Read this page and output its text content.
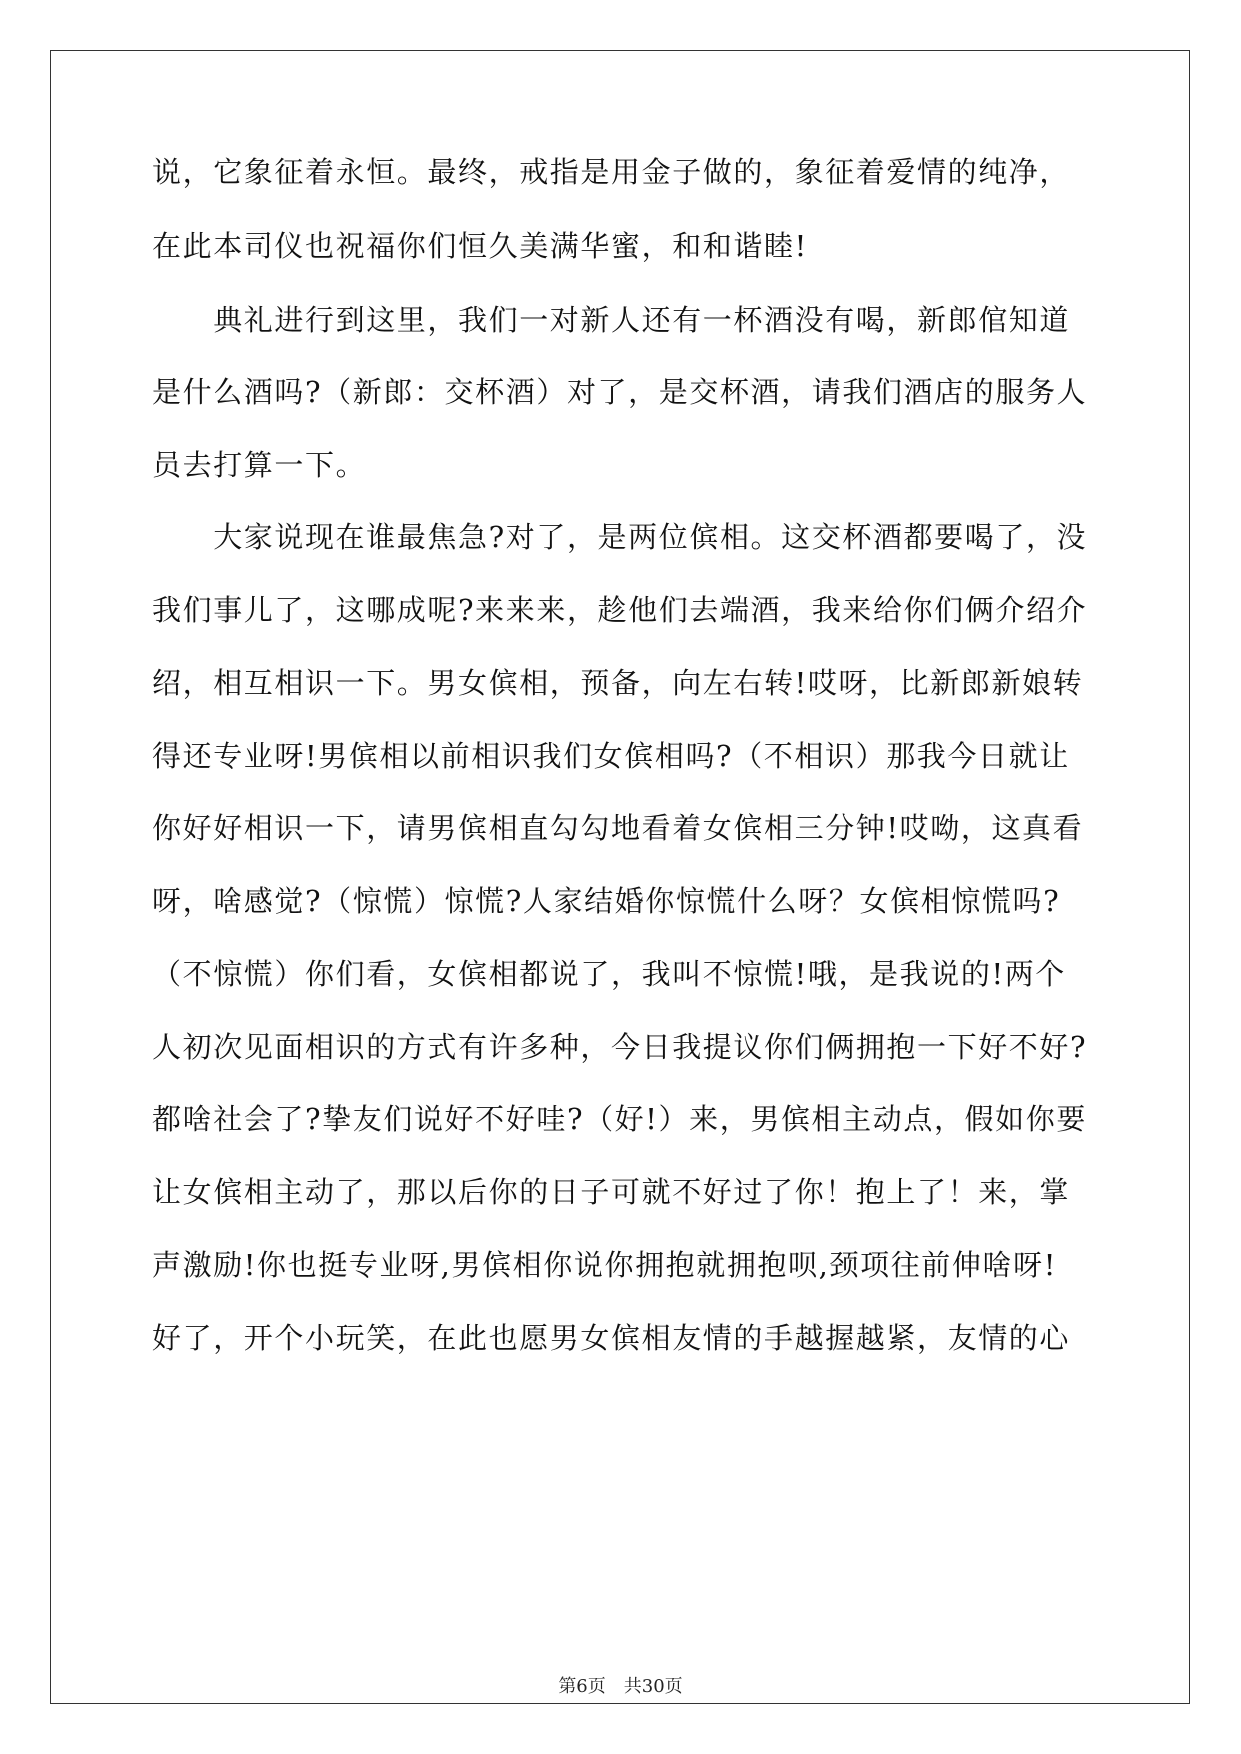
说，它象征着永恒。最终，戒指是用金子做的，象征着爱情的纯净，
在此本司仪也祝福你们恒久美满华蜜，和和谐睦!
　　典礼进行到这里，我们一对新人还有一杯酒没有喝，新郎倌知道
是什么酒吗?（新郎：交杯酒）对了，是交杯酒，请我们酒店的服务人
员去打算一下。
　　大家说现在谁最焦急?对了，是两位傧相。这交杯酒都要喝了，没
我们事儿了，这哪成呢?来来来，趁他们去端酒，我来给你们俩介绍介
绍，相互相识一下。男女傧相，预备，向左右转!哎呀，比新郎新娘转
得还专业呀!男傧相以前相识我们女傧相吗?（不相识）那我今日就让
你好好相识一下，请男傧相直勾勾地看着女傧相三分钟!哎呦，这真看
呀，啥感觉?（惊慌）惊慌?人家结婚你惊慌什么呀？女傧相惊慌吗?
（不惊慌）你们看，女傧相都说了，我叫不惊慌!哦，是我说的!两个
人初次见面相识的方式有许多种，今日我提议你们俩拥抱一下好不好?
都啥社会了?挚友们说好不好哇?（好!）来，男傧相主动点，假如你要
让女傧相主动了，那以后你的日子可就不好过了你！抱上了！来，掌
声激励!你也挺专业呀,男傧相你说你拥抱就拥抱呗,颈项往前伸啥呀!
好了，开个小玩笑，在此也愿男女傧相友情的手越握越紧，友情的心
第6页　共30页
